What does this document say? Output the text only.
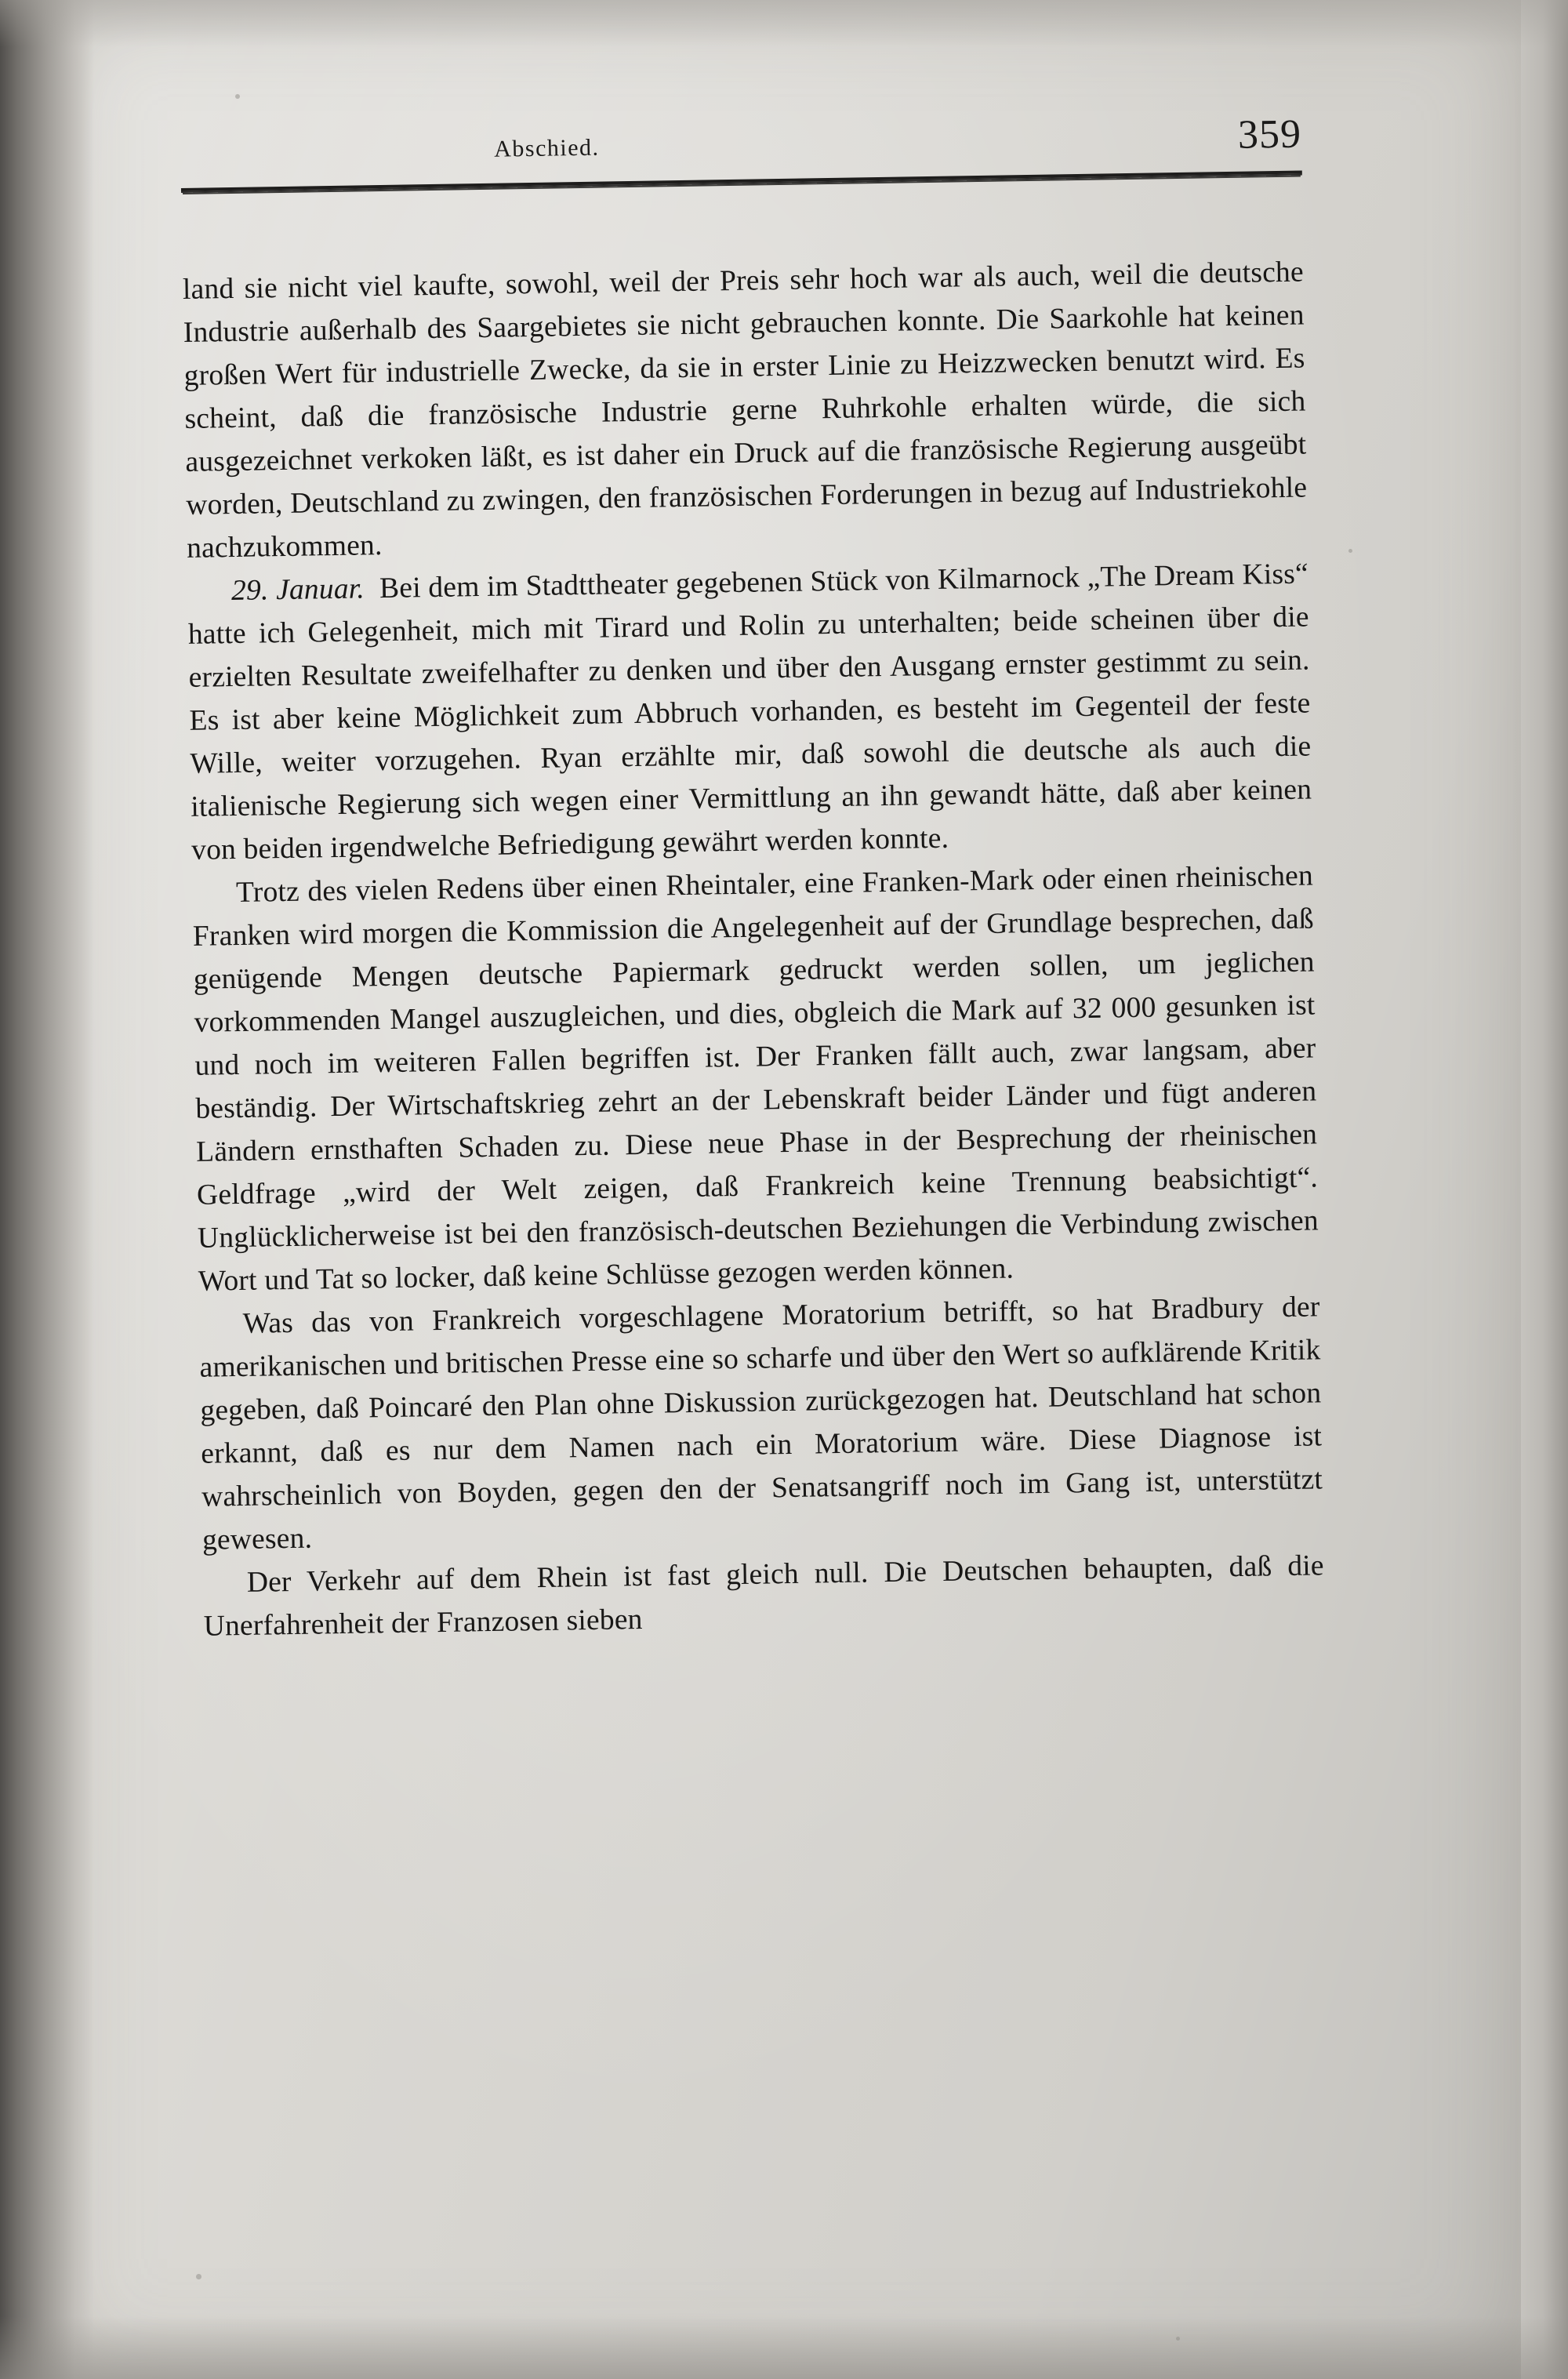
Abschied.	359

land sie nicht viel kaufte, sowohl, weil der Preis sehr hoch war als auch, weil die deutsche Industrie außerhalb des Saargebietes sie nicht gebrauchen konnte. Die Saarkohle hat keinen großen Wert für industrielle Zwecke, da sie in erster Linie zu Heizzwecken benutzt wird. Es scheint, daß die französische Industrie gerne Ruhrkohle erhalten würde, die sich ausgezeichnet verkoken läßt, es ist daher ein Druck auf die französische Regierung ausgeübt worden, Deutschland zu zwingen, den französischen Forderungen in bezug auf Industriekohle nachzukommen.

29. Januar. Bei dem im Stadttheater gegebenen Stück von Kilmarnock „The Dream Kiss“ hatte ich Gelegenheit, mich mit Tirard und Rolin zu unterhalten; beide scheinen über die erzielten Resultate zweifelhafter zu denken und über den Ausgang ernster gestimmt zu sein. Es ist aber keine Möglichkeit zum Abbruch vorhanden, es besteht im Gegenteil der feste Wille, weiter vorzugehen. Ryan erzählte mir, daß sowohl die deutsche als auch die italienische Regierung sich wegen einer Vermittlung an ihn gewandt hätte, daß aber keinen von beiden irgendwelche Befriedigung gewährt werden konnte.

Trotz des vielen Redens über einen Rheintaler, eine Franken-Mark oder einen rheinischen Franken wird morgen die Kommission die Angelegenheit auf der Grundlage besprechen, daß genügende Mengen deutsche Papiermark gedruckt werden sollen, um jeglichen vorkommenden Mangel auszugleichen, und dies, obgleich die Mark auf 32 000 gesunken ist und noch im weiteren Fallen begriffen ist. Der Franken fällt auch, zwar langsam, aber beständig. Der Wirtschaftskrieg zehrt an der Lebenskraft beider Länder und fügt anderen Ländern ernsthaften Schaden zu. Diese neue Phase in der Besprechung der rheinischen Geldfrage „wird der Welt zeigen, daß Frankreich keine Trennung beabsichtigt“. Unglücklicherweise ist bei den französisch-deutschen Beziehungen die Verbindung zwischen Wort und Tat so locker, daß keine Schlüsse gezogen werden können.

Was das von Frankreich vorgeschlagene Moratorium betrifft, so hat Bradbury der amerikanischen und britischen Presse eine so scharfe und über den Wert so aufklärende Kritik gegeben, daß Poincaré den Plan ohne Diskussion zurückgezogen hat. Deutschland hat schon erkannt, daß es nur dem Namen nach ein Moratorium wäre. Diese Diagnose ist wahrscheinlich von Boyden, gegen den der Senatsangriff noch im Gang ist, unterstützt gewesen.

Der Verkehr auf dem Rhein ist fast gleich null. Die Deutschen behaupten, daß die Unerfahrenheit der Franzosen sieben
